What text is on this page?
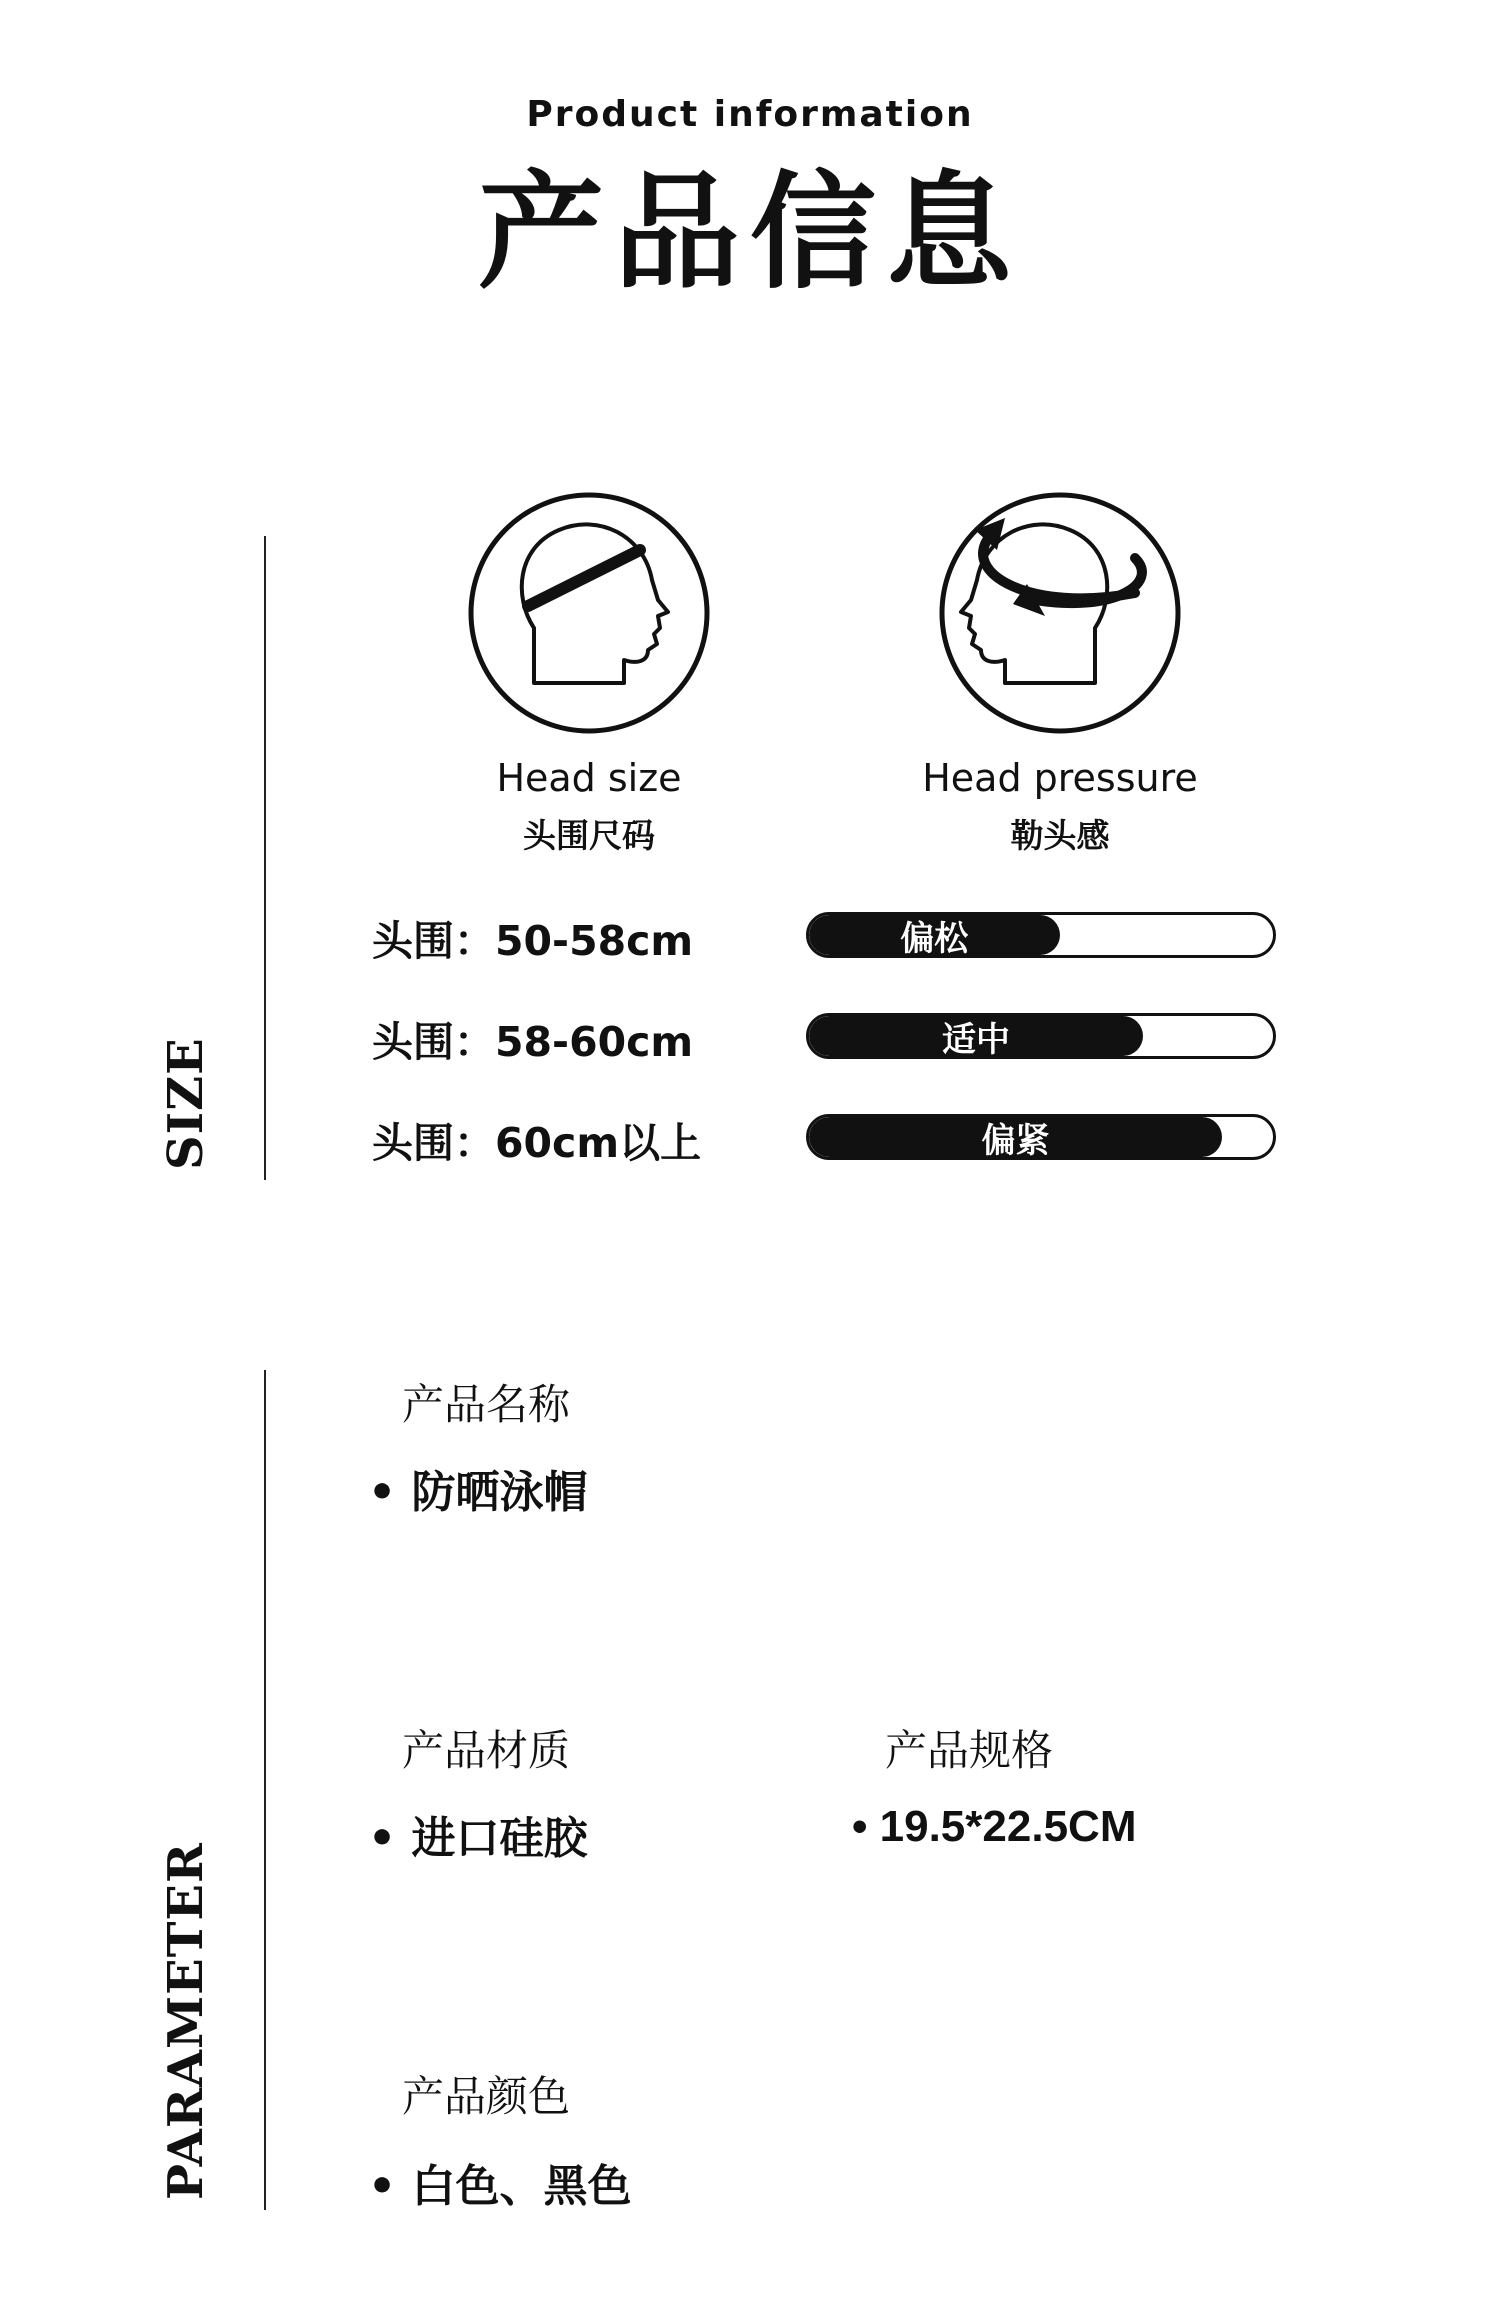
Product information
产品信息
SIZE
Head size
头围尺码
Head pressure
勒头感
头围：50-58cm	偏松
头围：58-60cm	适中
头围：60cm以上	偏紧
PARAMETER
产品名称
• 防晒泳帽
产品材质
• 进口硅胶
产品规格
• 19.5*22.5CM
产品颜色
• 白色、黑色
